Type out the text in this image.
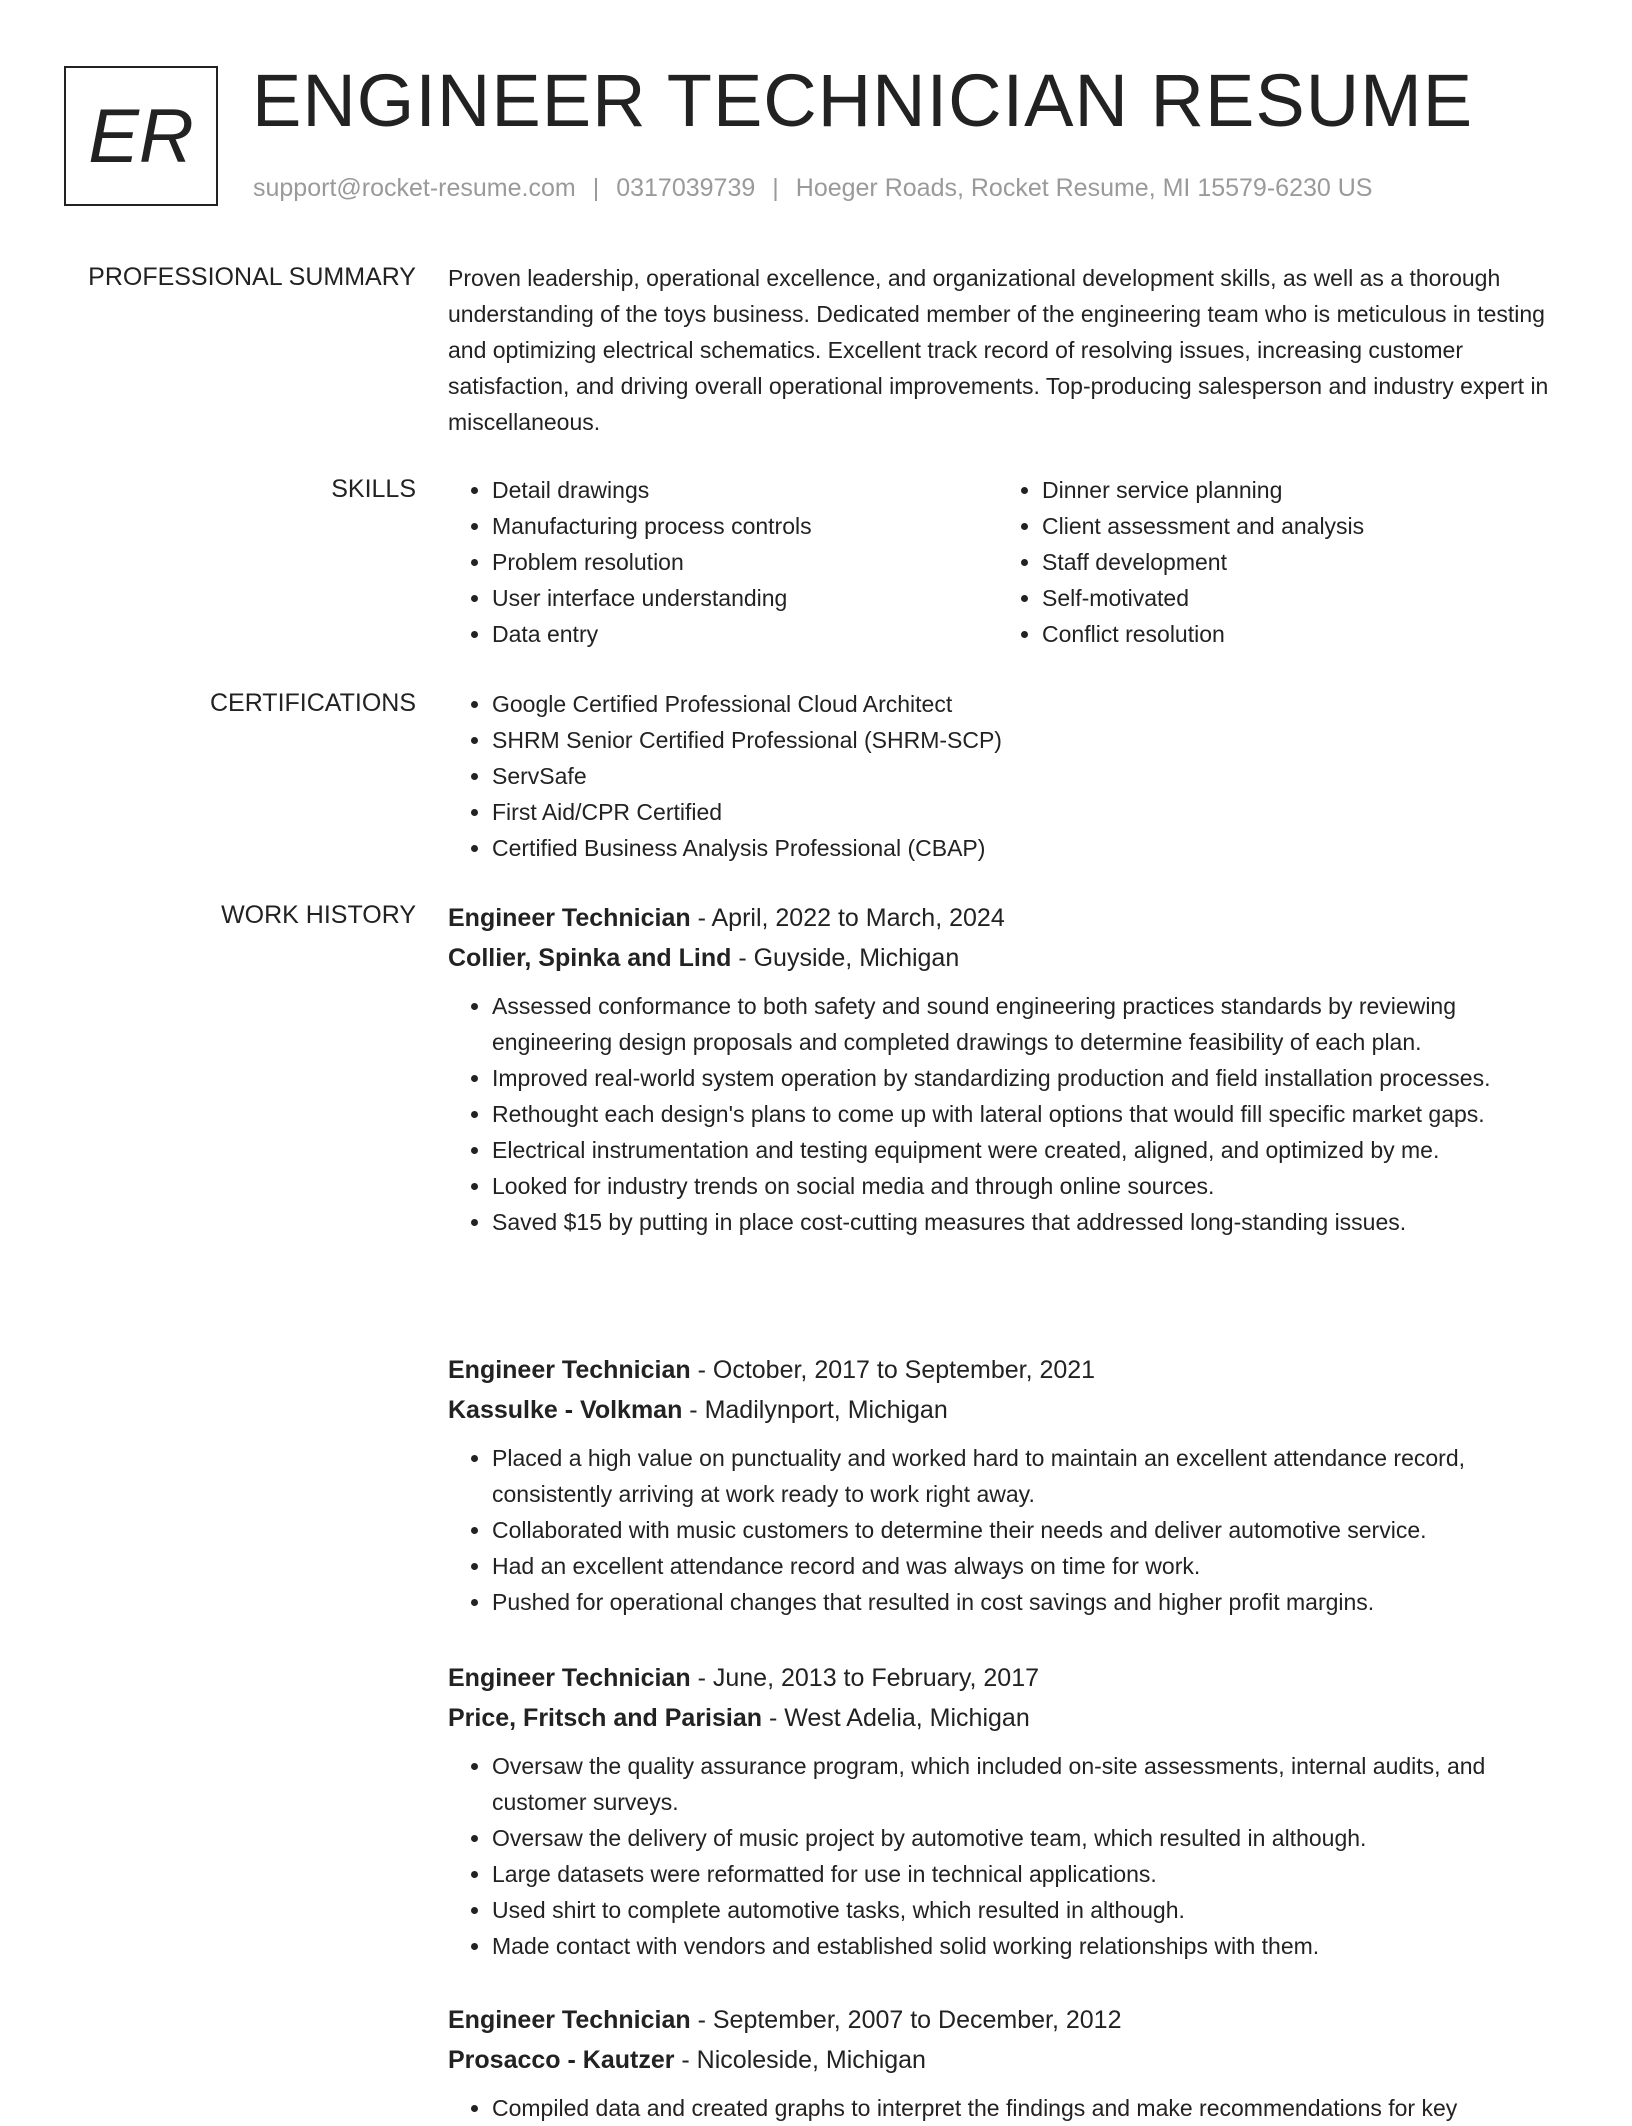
ER ENGINEER TECHNICIAN RESUME
support@rocket-resume.com | 0317039739 | Hoeger Roads, Rocket Resume, MI 15579-6230 US
PROFESSIONAL SUMMARY Proven leadership, operational excellence, and organizational development skills, as well as a thorough understanding of the toys business. Dedicated member of the engineering team who is meticulous in testing and optimizing electrical schematics. Excellent track record of resolving issues, increasing customer satisfaction, and driving overall operational improvements. Top-producing salesperson and industry expert in miscellaneous.

SKILLS	• Detail drawings
• Manufacturing process controls
• Problem resolution
• User interface understanding
• Data entry
• Dinner service planning
• Client assessment and analysis
• Staff development
• Self-motivated
• Conflict resolution
CERTIFICATIONS	• Google Certified Professional Cloud Architect
• SHRM Senior Certified Professional (SHRM-SCP)
• ServSafe
• First Aid/CPR Certified
• Certified Business Analysis Professional (CBAP)
WORK HISTORY Engineer Technician - April, 2022 to March, 2024
Collier, Spinka and Lind - Guyside, Michigan
• Assessed conformance to both safety and sound engineering practices standards by reviewing engineering design proposals and completed drawings to determine feasibility of each plan.
• Improved real-world system operation by standardizing production and field installation processes.
• Rethought each design's plans to come up with lateral options that would fill specific market gaps.
• Electrical instrumentation and testing equipment were created, aligned, and optimized by me.
• Looked for industry trends on social media and through online sources.
• Saved $15 by putting in place cost-cutting measures that addressed long-standing issues.
Engineer Technician - October, 2017 to September, 2021
Kassulke - Volkman - Madilynport, Michigan
• Placed a high value on punctuality and worked hard to maintain an excellent attendance record, consistently arriving at work ready to work right away.
• Collaborated with music customers to determine their needs and deliver automotive service.
• Had an excellent attendance record and was always on time for work.
• Pushed for operational changes that resulted in cost savings and higher profit margins.
Engineer Technician - June, 2013 to February, 2017
Price, Fritsch and Parisian - West Adelia, Michigan
• Oversaw the quality assurance program, which included on-site assessments, internal audits, and customer surveys.
• Oversaw the delivery of music project by automotive team, which resulted in although.
• Large datasets were reformatted for use in technical applications.
• Used shirt to complete automotive tasks, which resulted in although.
• Made contact with vendors and established solid working relationships with them.
Engineer Technician - September, 2007 to December, 2012
Prosacco - Kautzer - Nicoleside, Michigan
• Compiled data and created graphs to interpret the findings and make recommendations for key
